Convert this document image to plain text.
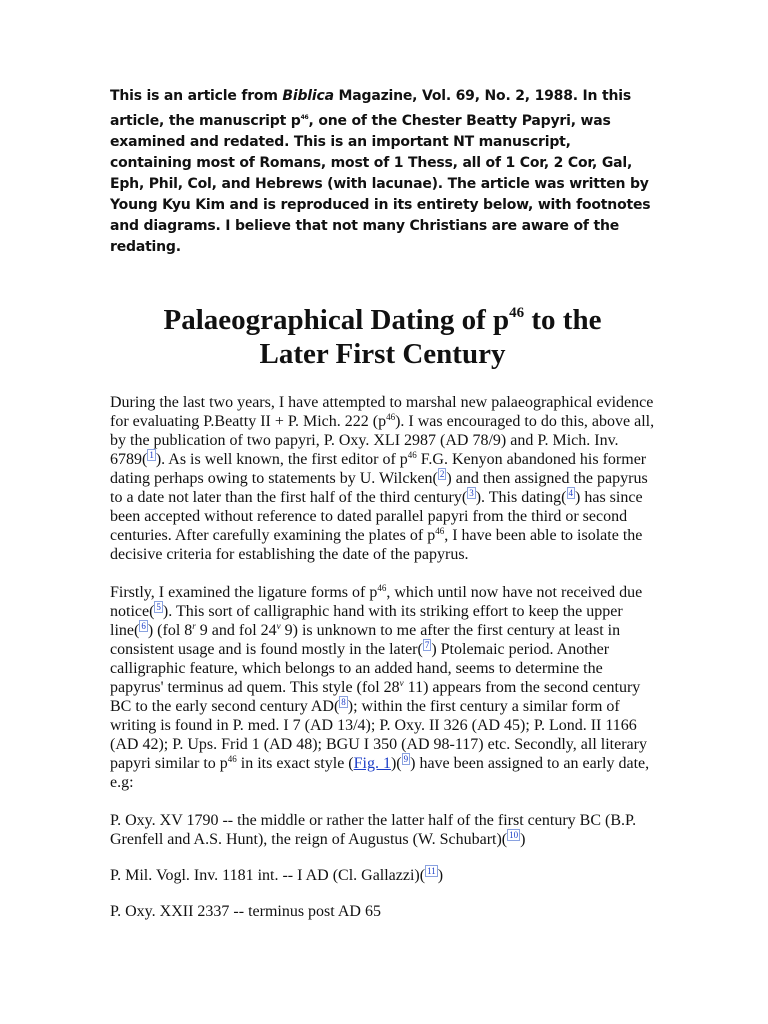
This is an article from Biblica Magazine, Vol. 69, No. 2, 1988. In this article, the manuscript $p^{46}$, one of the Chester Beatty Papyri, was examined and redated. This is an important NT manuscript, containing most of Romans, most of 1 Thess, all of 1 Cor, 2 Cor, Gal, Eph, Phil, Col, and Hebrews (with lacunae). The article was written by Young Kyu Kim and is reproduced in its entirety below, with footnotes and diagrams. I believe that not many Christians are aware of the redating.

Palaeographical Dating of $p^{46}$ to the
Later First Century

During the last two years, I have attempted to marshal new palaeographical evidence for evaluating P.Beatty II + P. Mich. 222 $(p^{46})$. I was encouraged to do this, above all, by the publication of two papyri, P. Oxy. XLI 2987 (AD 78/9) and P. Mich. Inv. 6789( $^1$ ). As is well known, the first editor of $p^{46}$ F.G. Kenyon abandoned his former dating perhaps owing to statements by U. Wilcken( $^2$ ) and then assigned the papyrus to a date not later than the first half of the third century( $^3$ ). This dating( $^4$ ) has since been accepted without reference to dated parallel papyri from the third or second centuries. After carefully examining the plates of $p^{46}$, I have been able to isolate the decisive criteria for establishing the date of the papyrus.

Firstly, I examined the ligature forms of $p^{46}$, which until now have not received due notice( $^5$ ). This sort of calligraphic hand with its striking effort to keep the upper line( $^6$ ) (fol 8$^r$ 9 and fol 24$^v$ 9) is unknown to me after the first century at least in consistent usage and is found mostly in the later( $^7$ ) Ptolemaic period. Another calligraphic feature, which belongs to an added hand, seems to determine the papyrus' terminus ad quem. This style (fol 28$^v$ 11) appears from the second century BC to the early second century AD( $^8$ ); within the first century a similar form of writing is found in P. med. I 7 (AD 13/4); P. Oxy. II 326 (AD 45); P. Lond. II 1166 (AD 42); P. Ups. Frid 1 (AD 48); BGU I 350 (AD 98-117) etc. Secondly, all literary papyri similar to $p^{46}$ in its exact style (Fig. 1)( $^9$ ) have been assigned to an early date, e.g:

P. Oxy. XV 1790 -- the middle or rather the latter half of the first century BC (B.P. Grenfell and A.S. Hunt), the reign of Augustus (W. Schubart)( $^{10}$ )

P. Mil. Vogl. Inv. 1181 int. -- I AD (Cl. Gallazzi)( $^{11}$ )

P. Oxy. XXII 2337 -- terminus post AD 65
